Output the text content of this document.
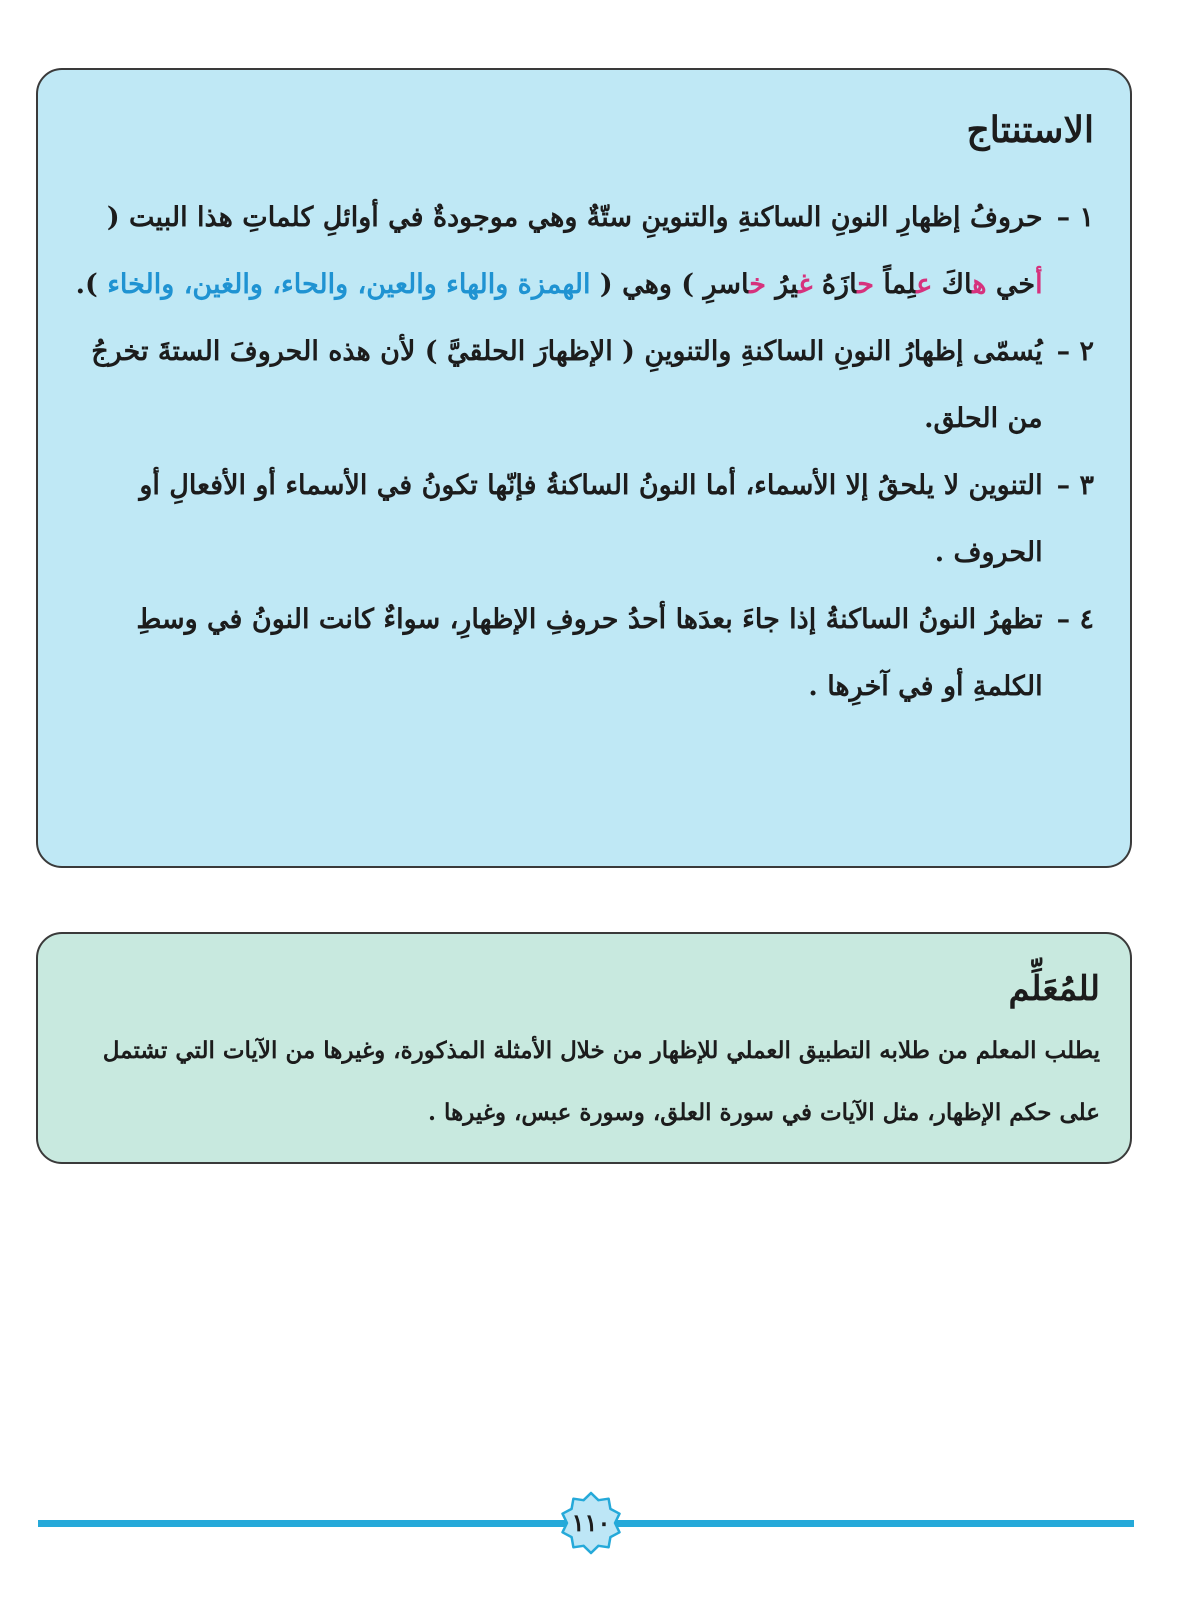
الاستنتاج
١ –
حروفُ إظهارِ النونِ الساكنةِ والتنوينِ ستّةٌ وهي موجودةٌ في أوائلِ كلماتِ هذا البيت ( أخي هاكَ علِماً حازَهُ غيرُ خاسرِ ) وهي ( الهمزة والهاء والعين، والحاء، والغين، والخاء ).
٢ –
يُسمّى إظهارُ النونِ الساكنةِ والتنوينِ ( الإظهارَ الحلقيَّ ) لأن هذه الحروفَ الستةَ تخرجُ من الحلق.
٣ –
التنوين لا يلحقُ إلا الأسماء، أما النونُ الساكنةُ فإنّها تكونُ في الأسماء أو الأفعالِ أو الحروف .
٤ –
تظهرُ النونُ الساكنةُ إذا جاءَ بعدَها أحدُ حروفِ الإظهارِ، سواءٌ كانت النونُ في وسطِ الكلمةِ أو في آخرِها .
للمُعَلِّم

يطلب المعلم من طلابه التطبيق العملي للإظهار من خلال الأمثلة المذكورة، وغيرها من الآيات التي تشتمل على حكم الإظهار، مثل الآيات في سورة العلق، وسورة عبس، وغيرها .

١١٠
